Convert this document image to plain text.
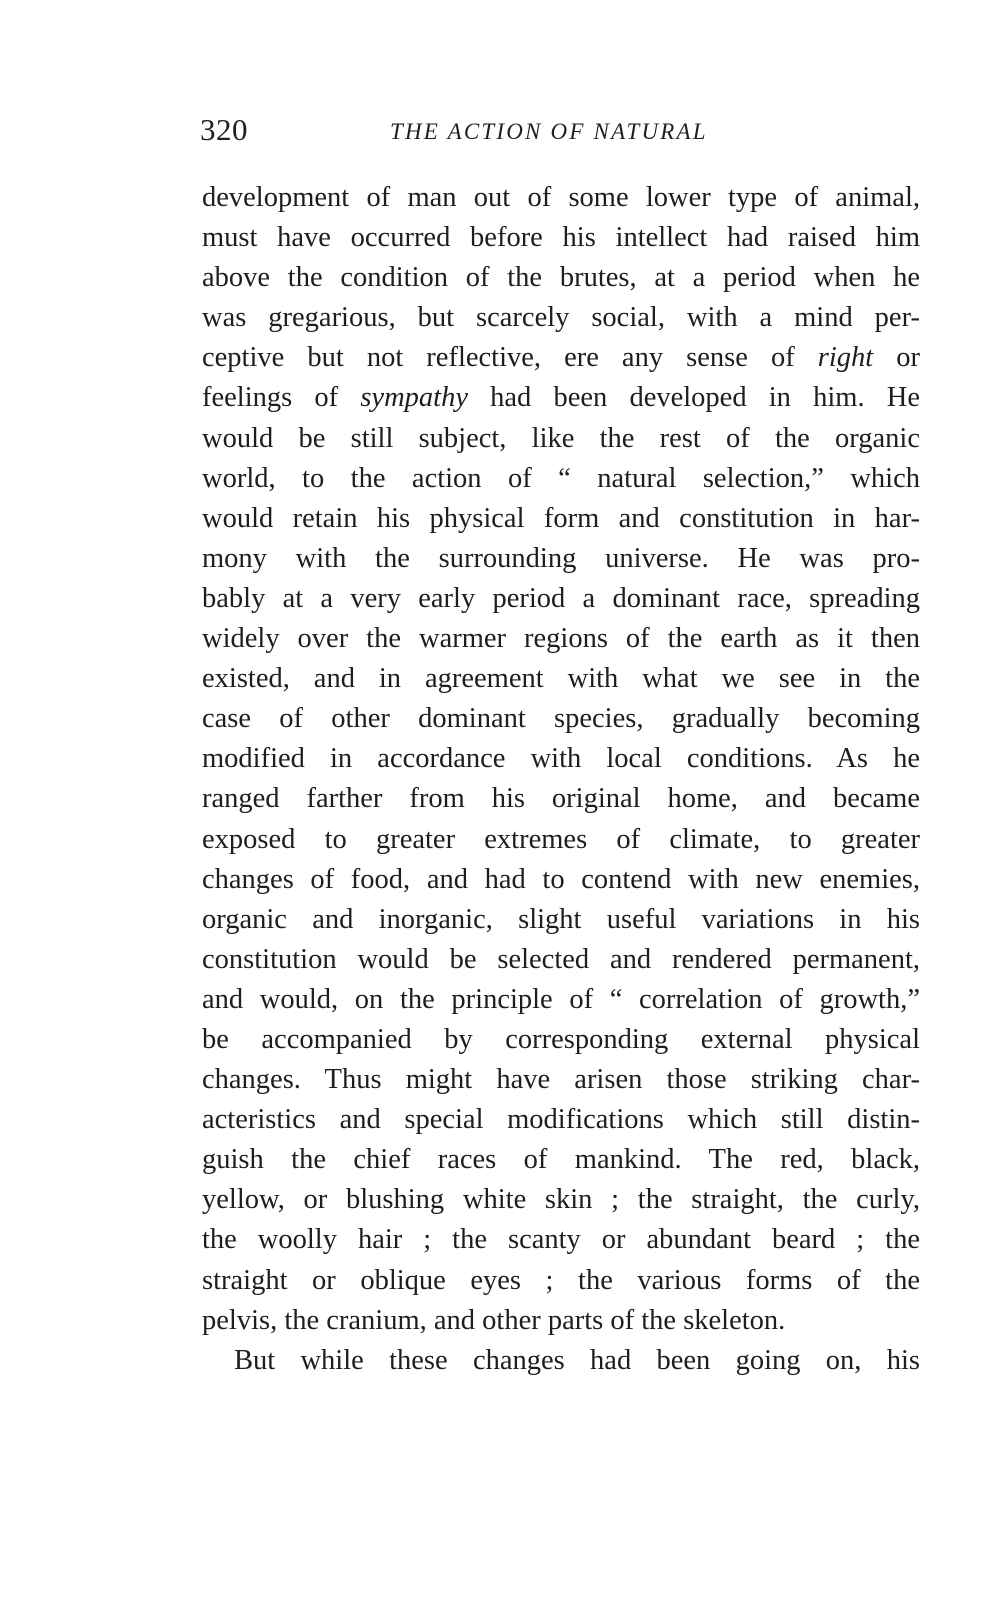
320	THE ACTION OF NATURAL
development of man out of some lower type of animal,
must have occurred before his intellect had raised him
above the condition of the brutes, at a period when he
was gregarious, but scarcely social, with a mind per-
ceptive but not reflective, ere any sense of right or
feelings of sympathy had been developed in him. He
would be still subject, like the rest of the organic
world, to the action of “ natural selection,” which
would retain his physical form and constitution in har-
mony with the surrounding universe. He was pro-
bably at a very early period a dominant race, spreading
widely over the warmer regions of the earth as it then
existed, and in agreement with what we see in the
case of other dominant species, gradually becoming
modified in accordance with local conditions. As he
ranged farther from his original home, and became
exposed to greater extremes of climate, to greater
changes of food, and had to contend with new enemies,
organic and inorganic, slight useful variations in his
constitution would be selected and rendered permanent,
and would, on the principle of “ correlation of growth,”
be accompanied by corresponding external physical
changes. Thus might have arisen those striking char-
acteristics and special modifications which still distin-
guish the chief races of mankind. The red, black,
yellow, or blushing white skin ; the straight, the curly,
the woolly hair ; the scanty or abundant beard ; the
straight or oblique eyes ; the various forms of the
pelvis, the cranium, and other parts of the skeleton.
But while these changes had been going on, his
